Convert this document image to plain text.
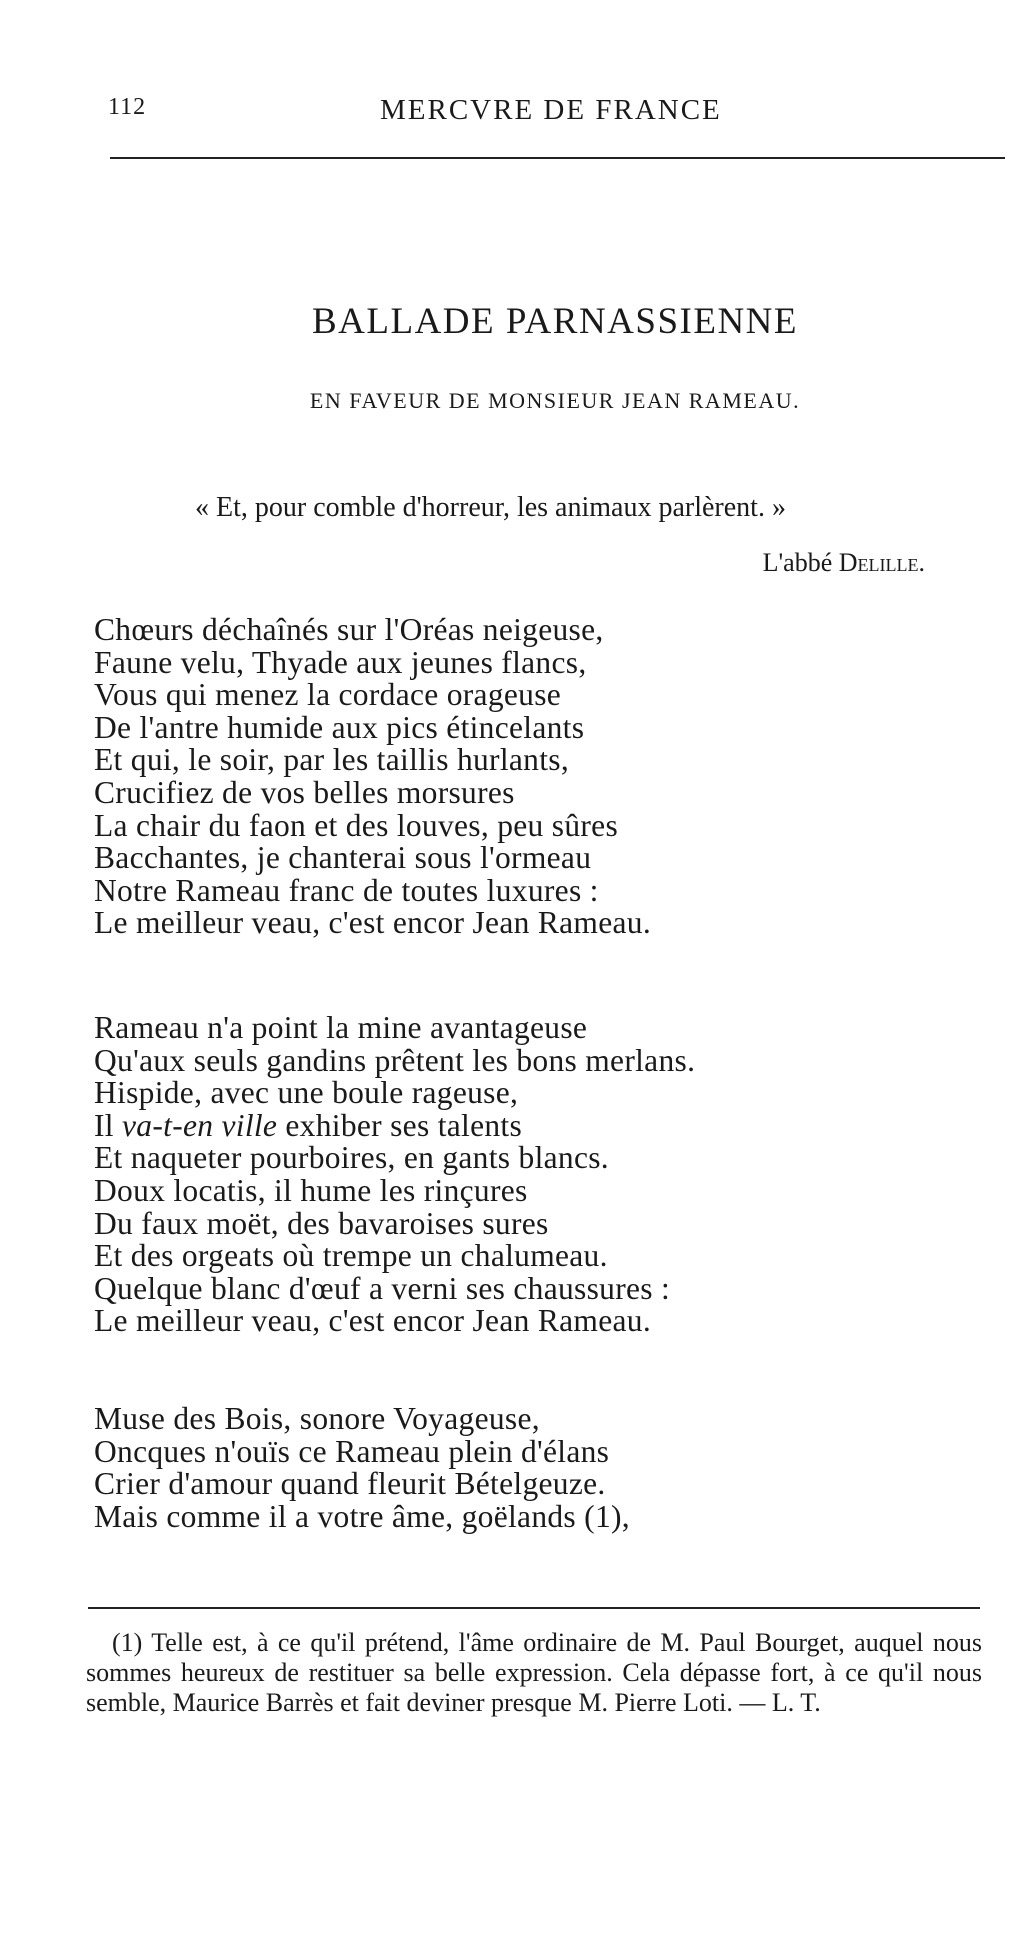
112	MERCVRE DE FRANCE
BALLADE PARNASSIENNE
EN FAVEUR DE MONSIEUR JEAN RAMEAU.
« Et, pour comble d'horreur, les animaux parlèrent. »
L'abbé Delille.
Chœurs déchaînés sur l'Oréas neigeuse,
Faune velu, Thyade aux jeunes flancs,
Vous qui menez la cordace orageuse
De l'antre humide aux pics étincelants
Et qui, le soir, par les taillis hurlants,
Crucifiez de vos belles morsures
La chair du faon et des louves, peu sûres
Bacchantes, je chanterai sous l'ormeau
Notre Rameau franc de toutes luxures :
Le meilleur veau, c'est encor Jean Rameau.
Rameau n'a point la mine avantageuse
Qu'aux seuls gandins prêtent les bons merlans.
Hispide, avec une boule rageuse,
Il va-t-en ville exhiber ses talents
Et naqueter pourboires, en gants blancs.
Doux locatis, il hume les rinçures
Du faux moët, des bavaroises sures
Et des orgeats où trempe un chalumeau.
Quelque blanc d'œuf a verni ses chaussures :
Le meilleur veau, c'est encor Jean Rameau.
Muse des Bois, sonore Voyageuse,
Oncques n'ouïs ce Rameau plein d'élans
Crier d'amour quand fleurit Bételgeuze.
Mais comme il a votre âme, goëlands (1),

(1) Telle est, à ce qu'il prétend, l'âme ordinaire de M. Paul Bourget, auquel nous sommes heureux de restituer sa belle expression. Cela dépasse fort, à ce qu'il nous semble, Maurice Barrès et fait deviner presque M. Pierre Loti. — L. T.
